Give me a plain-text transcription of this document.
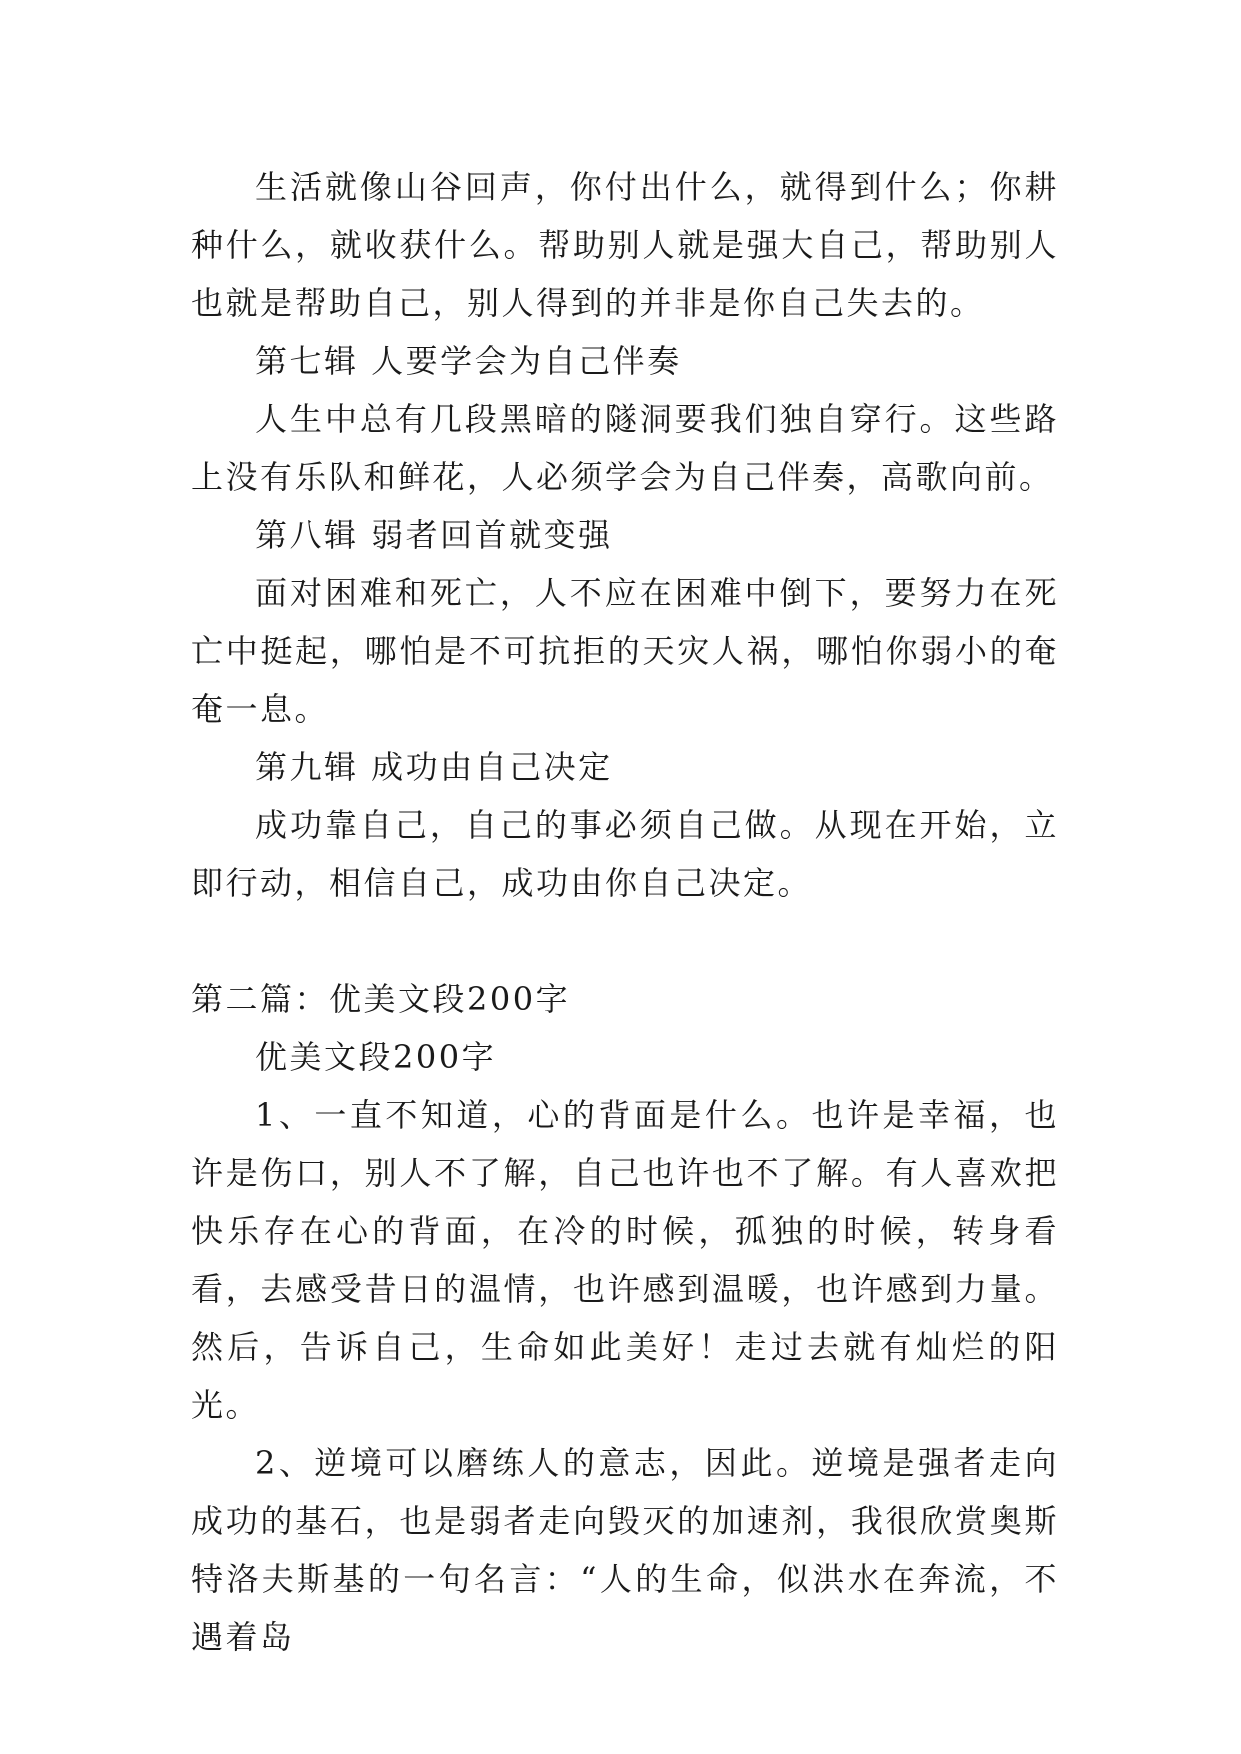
生活就像山谷回声，你付出什么，就得到什么；你耕种什么，就收获什么。帮助别人就是强大自己，帮助别人也就是帮助自己，别人得到的并非是你自己失去的。

第七辑 人要学会为自己伴奏

人生中总有几段黑暗的隧洞要我们独自穿行。这些路上没有乐队和鲜花，人必须学会为自己伴奏，高歌向前。

第八辑 弱者回首就变强

面对困难和死亡，人不应在困难中倒下，要努力在死亡中挺起，哪怕是不可抗拒的天灾人祸，哪怕你弱小的奄奄一息。

第九辑 成功由自己决定

成功靠自己，自己的事必须自己做。从现在开始，立即行动，相信自己，成功由你自己决定。

第二篇：优美文段200字

优美文段200字

1、一直不知道，心的背面是什么。也许是幸福，也许是伤口，别人不了解，自己也许也不了解。有人喜欢把快乐存在心的背面，在冷的时候，孤独的时候，转身看看，去感受昔日的温情，也许感到温暖，也许感到力量。然后，告诉自己，生命如此美好！走过去就有灿烂的阳光。

2、逆境可以磨练人的意志，因此。逆境是强者走向成功的基石，也是弱者走向毁灭的加速剂，我很欣赏奥斯特洛夫斯基的一句名言：“人的生命，似洪水在奔流，不遇着岛
